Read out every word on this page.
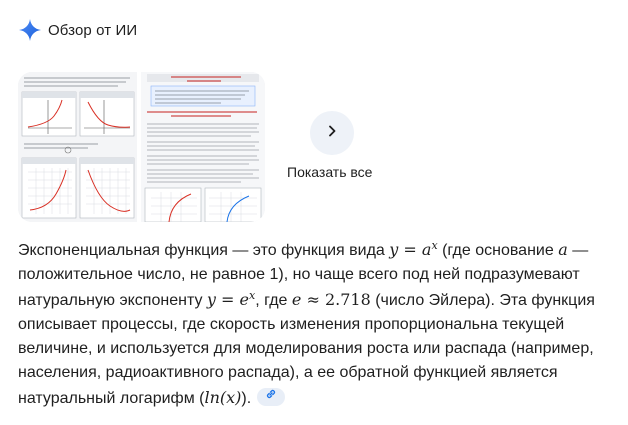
Обзор от ИИ
Показать все
Экспоненциальная функция — это функция вида $y = a^x$ (где основание a — положительное число, не равное 1), но чаще всего под ней подразумевают натуральную экспоненту $y = e^x$, где e ≈ 2.718 (число Эйлера). Эта функция описывает процессы, где скорость изменения пропорциональна текущей величине, и используется для моделирования роста или распада (например, населения, радиоактивного распада), а ее обратной функцией является натуральный логарифм (ln(x)).
